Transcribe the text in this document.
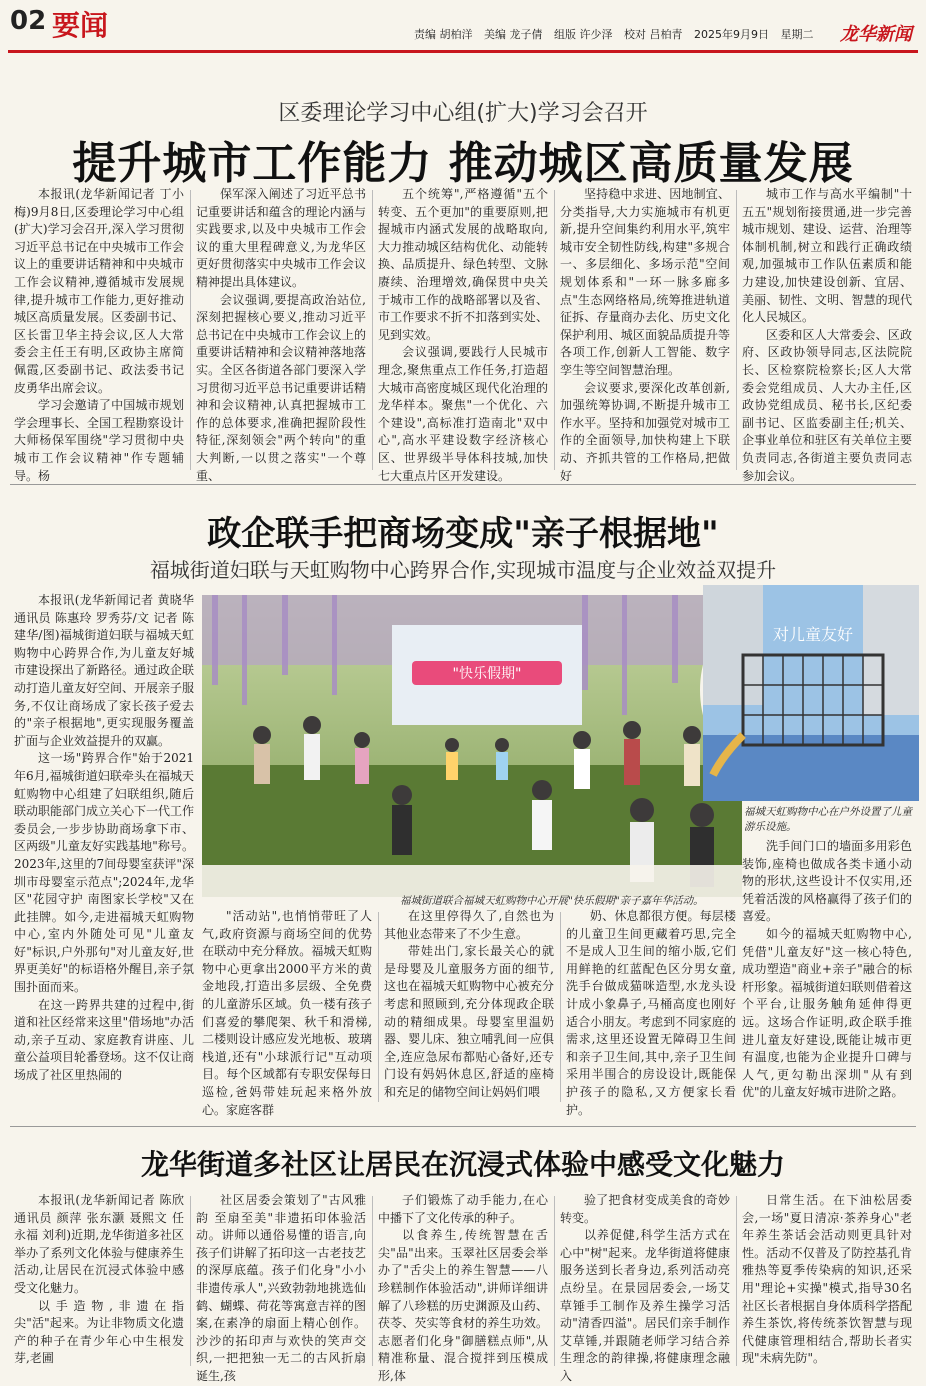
02 要闻	责编 胡柏洋 美编 龙子倩 组版 许少泽 校对 吕柏青 2025年9月9日 星期二	龙华新闻
区委理论学习中心组(扩大)学习会召开
提升城市工作能力 推动城区高质量发展

本报讯(龙华新闻记者 丁小梅)9月8日,区委理论学习中心组(扩大)学习会召开,深入学习贯彻习近平总书记在中央城市工作会议上的重要讲话精神和中央城市工作会议精神,遵循城市发展规律,提升城市工作能力,更好推动城区高质量发展。区委副书记、区长雷卫华主持会议,区人大常委会主任王有明,区政协主席简佩霞,区委副书记、政法委书记皮勇华出席会议。

学习会邀请了中国城市规划学会理事长、全国工程勘察设计大师杨保军围绕"学习贯彻中央城市工作会议精神"作专题辅导。杨

保军深入阐述了习近平总书记重要讲话和蕴含的理论内涵与实践要求,以及中央城市工作会议的重大里程碑意义,为龙华区更好贯彻落实中央城市工作会议精神提出具体建议。

会议强调,要提高政治站位,深刻把握核心要义,推动习近平总书记在中央城市工作会议上的重要讲话精神和会议精神落地落实。全区各街道各部门要深入学习贯彻习近平总书记重要讲话精神和会议精神,认真把握城市工作的总体要求,准确把握阶段性特征,深刻领会"两个转向"的重大判断,一以贯之落实"一个尊重、

五个统筹",严格遵循"五个转变、五个更加"的重要原则,把握城市内涵式发展的战略取向,大力推动城区结构优化、动能转换、品质提升、绿色转型、文脉赓续、治理增效,确保贯中央关于城市工作的战略部署以及省、市工作要求不折不扣落到实处、见到实效。

会议强调,要践行人民城市理念,聚焦重点工作任务,打造超大城市高密度城区现代化治理的龙华样本。聚焦"一个优化、六个建设",高标准打造南北"双中心",高水平建设数字经济核心区、世界级半导体科技城,加快七大重点片区开发建设。

坚持稳中求进、因地制宜、分类指导,大力实施城市有机更新,提升空间集约利用水平,筑牢城市安全韧性防线,构建"多规合一、多层细化、多场示范"空间规划体系和"一环一脉多廊多点"生态网络格局,统筹推进轨道征拆、存量商办去化、历史文化保护利用、城区面貌品质提升等各项工作,创新人工智能、数字孪生等空间智慧治理。

会议要求,要深化改革创新,加强统筹协调,不断提升城市工作水平。坚持和加强党对城市工作的全面领导,加快构建上下联动、齐抓共管的工作格局,把做好

城市工作与高水平编制"十五五"规划衔接贯通,进一步完善城市规划、建设、运营、治理等体制机制,树立和践行正确政绩观,加强城市工作队伍素质和能力建设,加快建设创新、宜居、美丽、韧性、文明、智慧的现代化人民城区。

区委和区人大常委会、区政府、区政协领导同志,区法院院长、区检察院检察长;区人大常委会党组成员、人大办主任,区政协党组成员、秘书长,区纪委副书记、区监委副主任;机关、企事业单位和驻区有关单位主要负责同志,各街道主要负责同志参加会议。

政企联手把商场变成"亲子根据地"
福城街道妇联与天虹购物中心跨界合作,实现城市温度与企业效益双提升

本报讯(龙华新闻记者 黄晓华 通讯员 陈惠玲 罗秀芬/文 记者 陈建华/图)福城街道妇联与福城天虹购物中心跨界合作,为儿童友好城市建设探出了新路径。通过政企联动打造儿童友好空间、开展亲子服务,不仅让商场成了家长孩子爱去的"亲子根据地",更实现服务覆盖扩面与企业效益提升的双赢。

这一场"跨界合作"始于2021年6月,福城街道妇联牵头在福城天虹购物中心组建了妇联组织,随后联动职能部门成立关心下一代工作委员会,一步步协助商场拿下市、区两级"儿童友好实践基地"称号。2023年,这里的7间母婴室获评"深圳市母婴室示范点";2024年,龙华区"花园守护 南图家长学校"又在此挂牌。如今,走进福城天虹购物中心,室内外随处可见"儿童友好"标识,户外那句"对儿童友好,世界更美好"的标语格外醒目,亲子氛围扑面而来。

在这一跨界共建的过程中,街道和社区经常来这里"借场地"办活动,亲子互动、家庭教育讲座、儿童公益项目轮番登场。这不仅让商场成了社区里热闹的

"快乐假期"
福城街道联合福城天虹购物中心开展"快乐假期"亲子嘉年华活动。
对儿童友好
福城天虹购物中心在户外设置了儿童游乐设施。

洗手间门口的墙面多用彩色装饰,座椅也做成各类卡通小动物的形状,这些设计不仅实用,还凭着活泼的风格赢得了孩子们的喜爱。

如今的福城天虹购物中心,凭借"儿童友好"这一核心特色,成功塑造"商业+亲子"融合的标杆形象。福城街道妇联则借着这个平台,让服务触角延伸得更远。这场合作证明,政企联手推进儿童友好建设,既能让城市更有温度,也能为企业提升口碑与人气,更勾勒出深圳"从有到优"的儿童友好城市进阶之路。

"活动站",也悄悄带旺了人气,政府资源与商场空间的优势在联动中充分释放。福城天虹购物中心更拿出2000平方米的黄金地段,打造出多层级、全免费的儿童游乐区域。负一楼有孩子们喜爱的攀爬架、秋千和滑梯,二楼则设计感应发光地板、玻璃栈道,还有"小球派行记"互动项目。每个区域都有专职安保每日巡检,爸妈带娃玩起来格外放心。家庭客群

在这里停得久了,自然也为其他业态带来了不少生意。

带娃出门,家长最关心的就是母婴及儿童服务方面的细节,这也在福城天虹购物中心被充分考虑和照顾到,充分体现政企联动的精细成果。母婴室里温奶器、婴儿床、独立哺乳间一应俱全,连应急尿布都贴心备好,还专门设有妈妈休息区,舒适的座椅和充足的储物空间让妈妈们喂

奶、休息都很方便。每层楼的儿童卫生间更藏着巧思,完全不是成人卫生间的缩小版,它们用鲜艳的红蓝配色区分男女童,洗手台做成猫咪造型,水龙头设计成小象鼻子,马桶高度也刚好适合小朋友。考虑到不同家庭的需求,这里还设置无障碍卫生间和亲子卫生间,其中,亲子卫生间采用半围合的房设设计,既能保护孩子的隐私,又方便家长看护。

龙华街道多社区让居民在沉浸式体验中感受文化魅力

本报讯(龙华新闻记者 陈欣 通讯员 颜萍 张东灏 聂熙文 任永福 刘利)近期,龙华街道多社区举办了系列文化体验与健康养生活动,让居民在沉浸式体验中感受文化魅力。

以手造物,非遗在指尖"活"起来。为让非物质文化遗产的种子在青少年心中生根发芽,老圃

社区居委会策划了"古风雅韵 至扇至美"非遗拓印体验活动。讲师以通俗易懂的语言,向孩子们讲解了拓印这一古老技艺的深厚底蕴。孩子们化身"小小非遗传承人",兴致勃勃地挑选仙鹤、蝴蝶、荷花等寓意吉祥的图案,在素净的扇面上精心创作。沙沙的拓印声与欢快的笑声交织,一把把独一无二的古风折扇诞生,孩

子们锻炼了动手能力,在心中播下了文化传承的种子。

以食养生,传统智慧在舌尖"品"出来。玉翠社区居委会举办了"舌尖上的养生智慧——八珍糕制作体验活动",讲师详细讲解了八珍糕的历史渊源及山药、茯苓、芡实等食材的养生功效。志愿者们化身"御膳糕点师",从精准称量、混合搅拌到压模成形,体

验了把食材变成美食的奇妙转变。

以养促健,科学生活方式在心中"树"起来。龙华街道将健康服务送到长者身边,系列活动亮点纷呈。在景园居委会,一场艾草锤手工制作及养生操学习活动"清香四溢"。居民们亲手制作艾草锤,并跟随老师学习结合养生理念的韵律操,将健康理念融入

日常生活。在下油松居委会,一场"夏日清凉·茶养身心"老年养生茶话会活动则更具针对性。活动不仅普及了防控基孔肯雅热等夏季传染病的知识,还采用"理论+实操"模式,指导30名社区长者根据自身体质科学搭配养生茶饮,将传统茶饮智慧与现代健康管理相结合,帮助长者实现"未病先防"。
